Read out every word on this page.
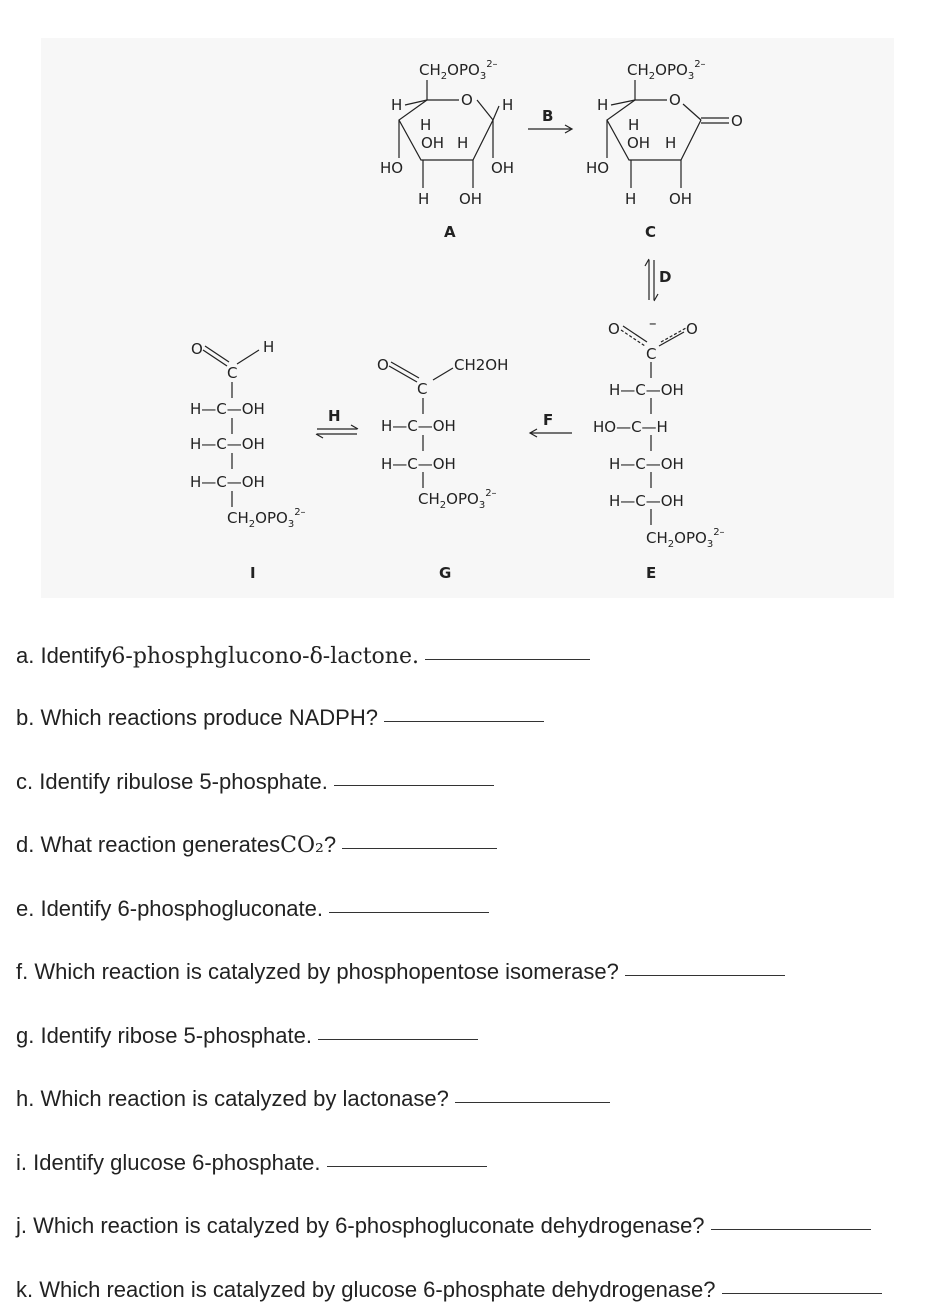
$CH_2OPO_3^{2-}$
O
H	H
H
OH H
HO	OH
H OH
A
B
$CH_2OPO_3^{2-}$
O
O
H
H
OH H
HO
H OH
C
D
O – O
C
H—C—OH
HO—C—H
H—C—OH
H—C—OH
$CH_2OPO_3^{2-}$
E
F
O	CH2OH
C
H—C—OH
H—C—OH
$CH_2OPO_3^{2-}$
G
H
O	H
C
H—C—OH
H—C—OH
H—C—OH
$CH_2OPO_3^{2-}$
I
a. Identify 6-phosphglucono-δ-lactone.
b. Which reactions produce NADPH?
c. Identify ribulose 5-phosphate.
d. What reaction generates CO₂ ?
e. Identify 6-phosphogluconate.
f. Which reaction is catalyzed by phosphopentose isomerase?
g. Identify ribose 5-phosphate.
h. Which reaction is catalyzed by lactonase?
i. Identify glucose 6-phosphate.
j. Which reaction is catalyzed by 6-phosphogluconate dehydrogenase?
k. Which reaction is catalyzed by glucose 6-phosphate dehydrogenase?
